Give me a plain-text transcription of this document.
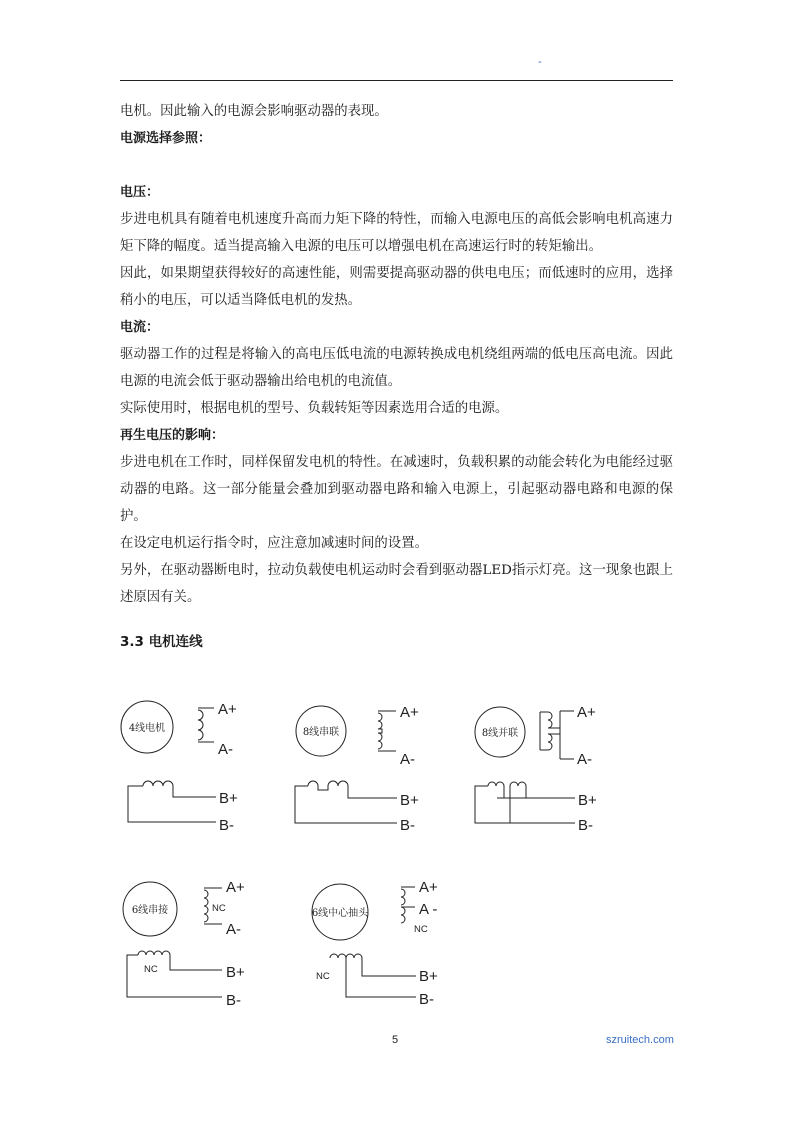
-

电机。因此输入的电源会影响驱动器的表现。

电源选择参照：

电压：

步进电机具有随着电机速度升高而力矩下降的特性，而输入电源电压的高低会影响电机高速力矩下降的幅度。适当提高输入电源的电压可以增强电机在高速运行时的转矩输出。

因此，如果期望获得较好的高速性能，则需要提高驱动器的供电电压；而低速时的应用，选择稍小的电压，可以适当降低电机的发热。

电流：

驱动器工作的过程是将输入的高电压低电流的电源转换成电机绕组两端的低电压高电流。因此电源的电流会低于驱动器输出给电机的电流值。

实际使用时，根据电机的型号、负载转矩等因素选用合适的电源。

再生电压的影响：

步进电机在工作时，同样保留发电机的特性。在减速时，负载积累的动能会转化为电能经过驱动器的电路。这一部分能量会叠加到驱动器电路和输入电源上，引起驱动器电路和电源的保护。

在设定电机运行指令时，应注意加减速时间的设置。

另外，在驱动器断电时，拉动负载使电机运动时会看到驱动器LED指示灯亮。这一现象也跟上述原因有关。

3.3 电机连线
4线电机
A+
A-
B+
B-
8线串联
A+
A-
B+
B-
8线并联
A+
A-
B+
B-
6线串接	NC
A+
A-
NC	B+
B-
6线中心抽头
A+
A -
NC
NC	B+
B-
5	szruitech.com
